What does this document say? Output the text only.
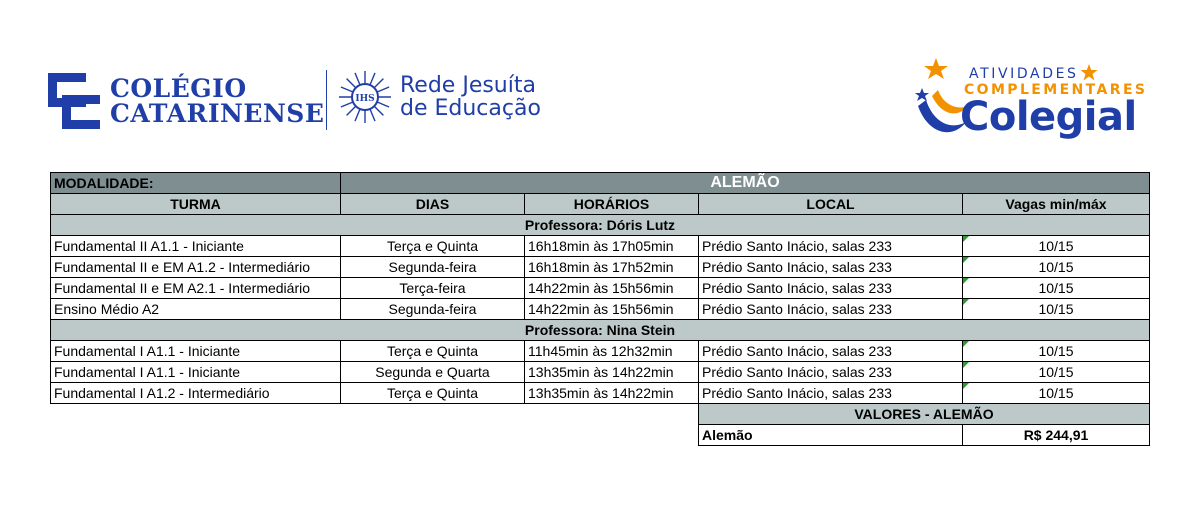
COLÉGIO
CATARINENSE	IHS
Rede Jesuíta
de Educação
ATIVIDADES
COMPLEMENTARES
Colegial
MODALIDADE:	ALEMÃO			
TURMA	DIAS	HORÁRIOS	LOCAL	Vagas min/máx
Professora: Dóris Lutz				
Fundamental II A1.1 - Iniciante	Terça e Quinta	16h18min às 17h05min	Prédio Santo Inácio, salas 233	10/15
Fundamental II e EM A1.2 - Intermediário	Segunda-feira	16h18min às 17h52min	Prédio Santo Inácio, salas 233	10/15
Fundamental II e EM A2.1 - Intermediário	Terça-feira	14h22min às 15h56min	Prédio Santo Inácio, salas 233	10/15
Ensino Médio A2	Segunda-feira	14h22min às 15h56min	Prédio Santo Inácio, salas 233	10/15
Professora: Nina Stein				
Fundamental I A1.1 - Iniciante	Terça e Quinta	11h45min às 12h32min	Prédio Santo Inácio, salas 233	10/15
Fundamental I A1.1 - Iniciante	Segunda e Quarta	13h35min às 14h22min	Prédio Santo Inácio, salas 233	10/15
Fundamental I A1.2 - Intermediário	Terça e Quinta	13h35min às 14h22min	Prédio Santo Inácio, salas 233	10/15
			VALORES - ALEMÃO	
			Alemão	R$ 244,91
